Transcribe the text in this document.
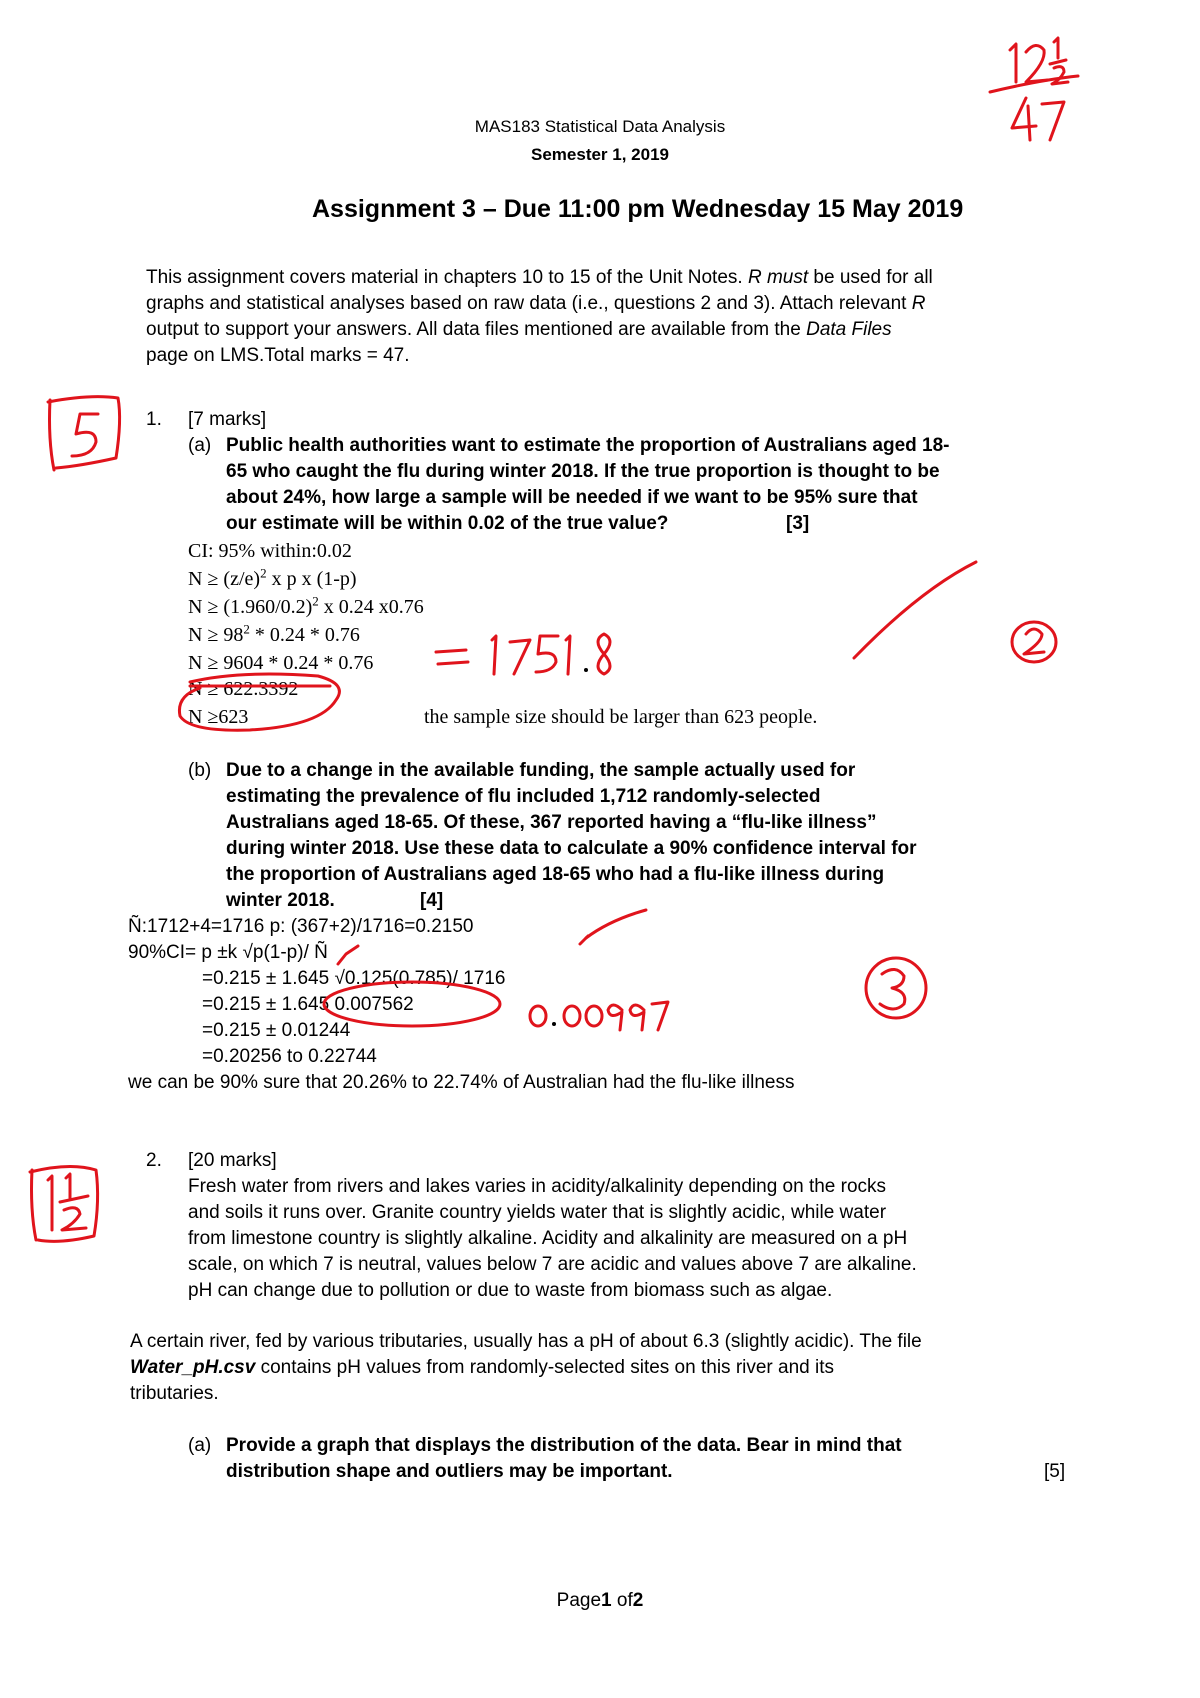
MAS183 Statistical Data Analysis
Semester 1, 2019
Assignment 3 – Due 11:00 pm Wednesday 15 May 2019
This assignment covers material in chapters 10 to 15 of the Unit Notes. R must be used for all
graphs and statistical analyses based on raw data (i.e., questions 2 and 3). Attach relevant R
output to support your answers. All data files mentioned are available from the Data Files
page on LMS.Total marks = 47.
1. [7 marks]
(a) Public health authorities want to estimate the proportion of Australians aged 18-
65 who caught the flu during winter 2018. If the true proportion is thought to be
about 24%, how large a sample will be needed if we want to be 95% sure that
our estimate will be within 0.02 of the true value?	[3]
CI: 95% within:0.02
$N \ge (z/e)^2$ x p x (1-p)
$N \ge (1.960/0.2)^2$ x 0.24 x0.76
$N \ge 98^2 * 0.24 * 0.76$
N ≥ 9604 * 0.24 * 0.76
N ≥ 622.3392
N ≥623	the sample size should be larger than 623 people.
(b) Due to a change in the available funding, the sample actually used for
estimating the prevalence of flu included 1,712 randomly-selected
Australians aged 18-65. Of these, 367 reported having a “flu-like illness”
during winter 2018. Use these data to calculate a 90% confidence interval for
the proportion of Australians aged 18-65 who had a flu-like illness during
winter 2018.	[4]
Ñ:1712+4=1716 p: (367+2)/1716=0.2150
90%CI= p ±k √p(1-p)/ Ñ
=0.215 ± 1.645 √0.125(0.785)/ 1716
=0.215 ± 1.645 0.007562
=0.215 ± 0.01244
=0.20256 to 0.22744
we can be 90% sure that 20.26% to 22.74% of Australian had the flu-like illness
2. [20 marks]
Fresh water from rivers and lakes varies in acidity/alkalinity depending on the rocks
and soils it runs over. Granite country yields water that is slightly acidic, while water
from limestone country is slightly alkaline. Acidity and alkalinity are measured on a pH
scale, on which 7 is neutral, values below 7 are acidic and values above 7 are alkaline.
pH can change due to pollution or due to waste from biomass such as algae.
A certain river, fed by various tributaries, usually has a pH of about 6.3 (slightly acidic). The file
Water_pH.csv contains pH values from randomly-selected sites on this river and its
tributaries.
(a) Provide a graph that displays the distribution of the data. Bear in mind that
distribution shape and outliers may be important.	[5]
Page1 of2
